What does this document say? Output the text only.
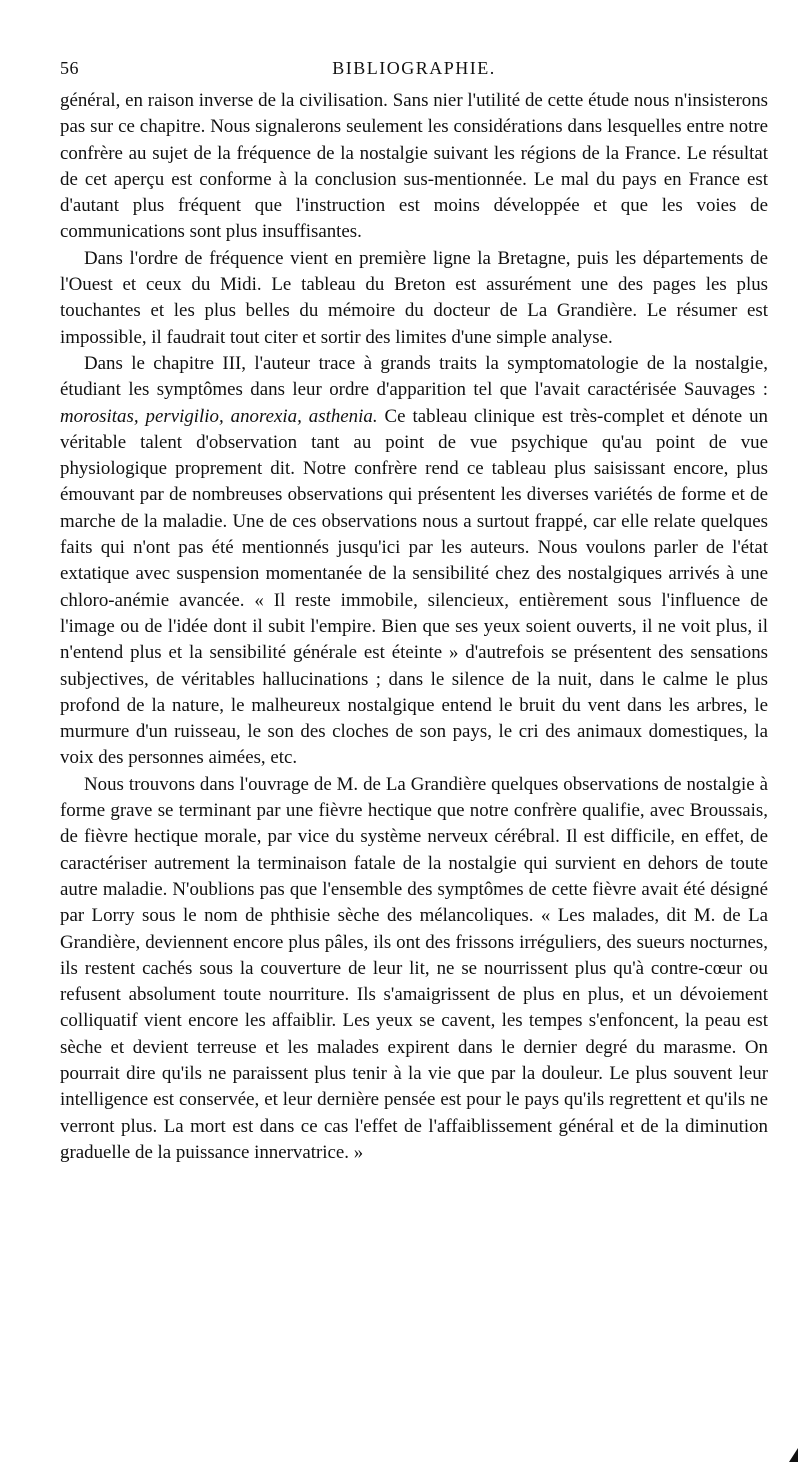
56	BIBLIOGRAPHIE.

général, en raison inverse de la civilisation. Sans nier l'utilité de cette étude nous n'insisterons pas sur ce chapitre. Nous signalerons seulement les considérations dans lesquelles entre notre confrère au sujet de la fréquence de la nostalgie suivant les régions de la France. Le résultat de cet aperçu est conforme à la conclusion sus-mentionnée. Le mal du pays en France est d'autant plus fréquent que l'instruction est moins développée et que les voies de communications sont plus insuffisantes.

Dans l'ordre de fréquence vient en première ligne la Bretagne, puis les départements de l'Ouest et ceux du Midi. Le tableau du Breton est assurément une des pages les plus touchantes et les plus belles du mémoire du docteur de La Grandière. Le résumer est impossible, il faudrait tout citer et sortir des limites d'une simple analyse.

Dans le chapitre III, l'auteur trace à grands traits la symptomatologie de la nostalgie, étudiant les symptômes dans leur ordre d'apparition tel que l'avait caractérisée Sauvages : morositas, pervigilio, anorexia, asthenia. Ce tableau clinique est très-complet et dénote un véritable talent d'observation tant au point de vue psychique qu'au point de vue physiologique proprement dit. Notre confrère rend ce tableau plus saisissant encore, plus émouvant par de nombreuses observations qui présentent les diverses variétés de forme et de marche de la maladie. Une de ces observations nous a surtout frappé, car elle relate quelques faits qui n'ont pas été mentionnés jusqu'ici par les auteurs. Nous voulons parler de l'état extatique avec suspension momentanée de la sensibilité chez des nostalgiques arrivés à une chloro-anémie avancée. « Il reste immobile, silencieux, entièrement sous l'influence de l'image ou de l'idée dont il subit l'empire. Bien que ses yeux soient ouverts, il ne voit plus, il n'entend plus et la sensibilité générale est éteinte » d'autrefois se présentent des sensations subjectives, de véritables hallucinations ; dans le silence de la nuit, dans le calme le plus profond de la nature, le malheureux nostalgique entend le bruit du vent dans les arbres, le murmure d'un ruisseau, le son des cloches de son pays, le cri des animaux domestiques, la voix des personnes aimées, etc.

Nous trouvons dans l'ouvrage de M. de La Grandière quelques observations de nostalgie à forme grave se terminant par une fièvre hectique que notre confrère qualifie, avec Broussais, de fièvre hectique morale, par vice du système nerveux cérébral. Il est difficile, en effet, de caractériser autrement la terminaison fatale de la nostalgie qui survient en dehors de toute autre maladie. N'oublions pas que l'ensemble des symptômes de cette fièvre avait été désigné par Lorry sous le nom de phthisie sèche des mélancoliques. « Les malades, dit M. de La Grandière, deviennent encore plus pâles, ils ont des frissons irréguliers, des sueurs nocturnes, ils restent cachés sous la couverture de leur lit, ne se nourrissent plus qu'à contre-cœur ou refusent absolument toute nourriture. Ils s'amaigrissent de plus en plus, et un dévoiement colliquatif vient encore les affaiblir. Les yeux se cavent, les tempes s'enfoncent, la peau est sèche et devient terreuse et les malades expirent dans le dernier degré du marasme. On pourrait dire qu'ils ne paraissent plus tenir à la vie que par la douleur. Le plus souvent leur intelligence est conservée, et leur dernière pensée est pour le pays qu'ils regrettent et qu'ils ne verront plus. La mort est dans ce cas l'effet de l'affaiblissement général et de la diminution graduelle de la puissance innervatrice. »
